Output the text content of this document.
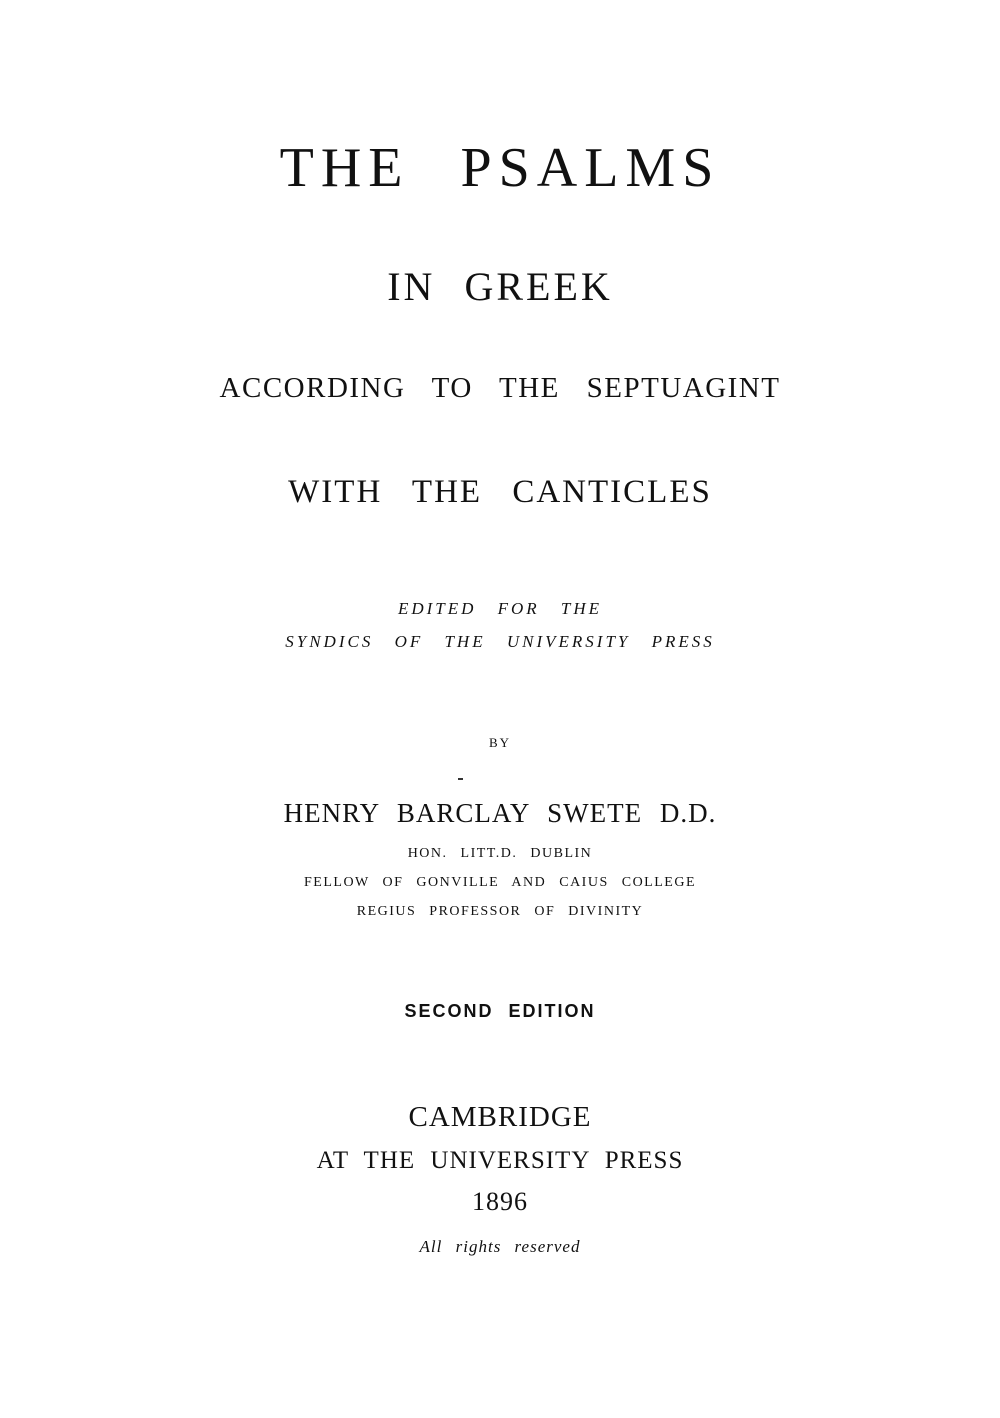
THE PSALMS
IN GREEK
ACCORDING TO THE SEPTUAGINT
WITH THE CANTICLES
EDITED FOR THE
SYNDICS OF THE UNIVERSITY PRESS
BY
HENRY BARCLAY SWETE D.D.
HON. LITT.D. DUBLIN
FELLOW OF GONVILLE AND CAIUS COLLEGE
REGIUS PROFESSOR OF DIVINITY
SECOND EDITION
CAMBRIDGE
AT THE UNIVERSITY PRESS
1896
All rights reserved
